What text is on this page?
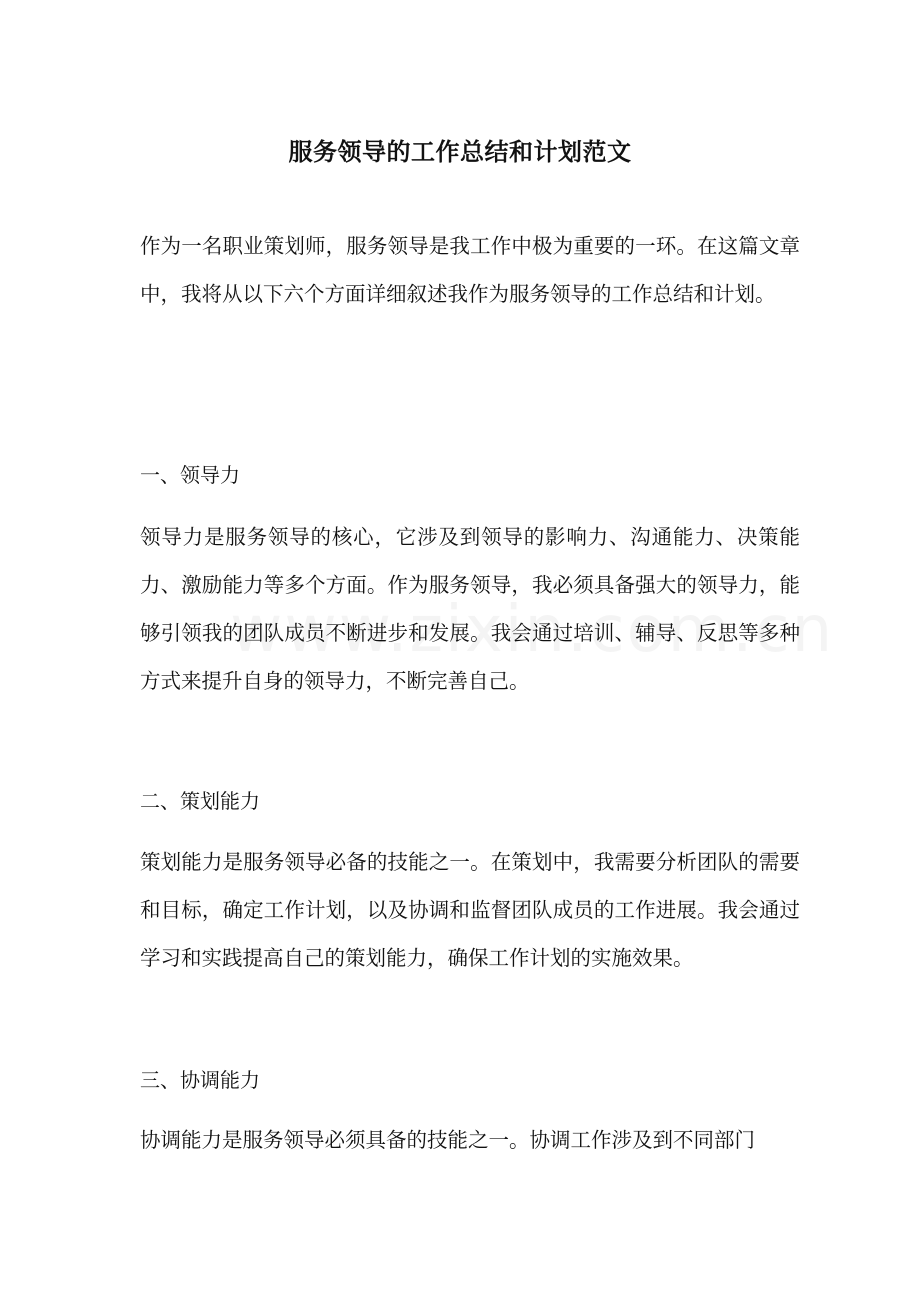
服务领导的工作总结和计划范文

作为一名职业策划师，服务领导是我工作中极为重要的一环。在这篇文章中，我将从以下六个方面详细叙述我作为服务领导的工作总结和计划。

一、领导力

领导力是服务领导的核心，它涉及到领导的影响力、沟通能力、决策能力、激励能力等多个方面。作为服务领导，我必须具备强大的领导力，能够引领我的团队成员不断进步和发展。我会通过培训、辅导、反思等多种方式来提升自身的领导力，不断完善自己。

二、策划能力

策划能力是服务领导必备的技能之一。在策划中，我需要分析团队的需要和目标，确定工作计划，以及协调和监督团队成员的工作进展。我会通过学习和实践提高自己的策划能力，确保工作计划的实施效果。

三、协调能力

协调能力是服务领导必须具备的技能之一。协调工作涉及到不同部门
